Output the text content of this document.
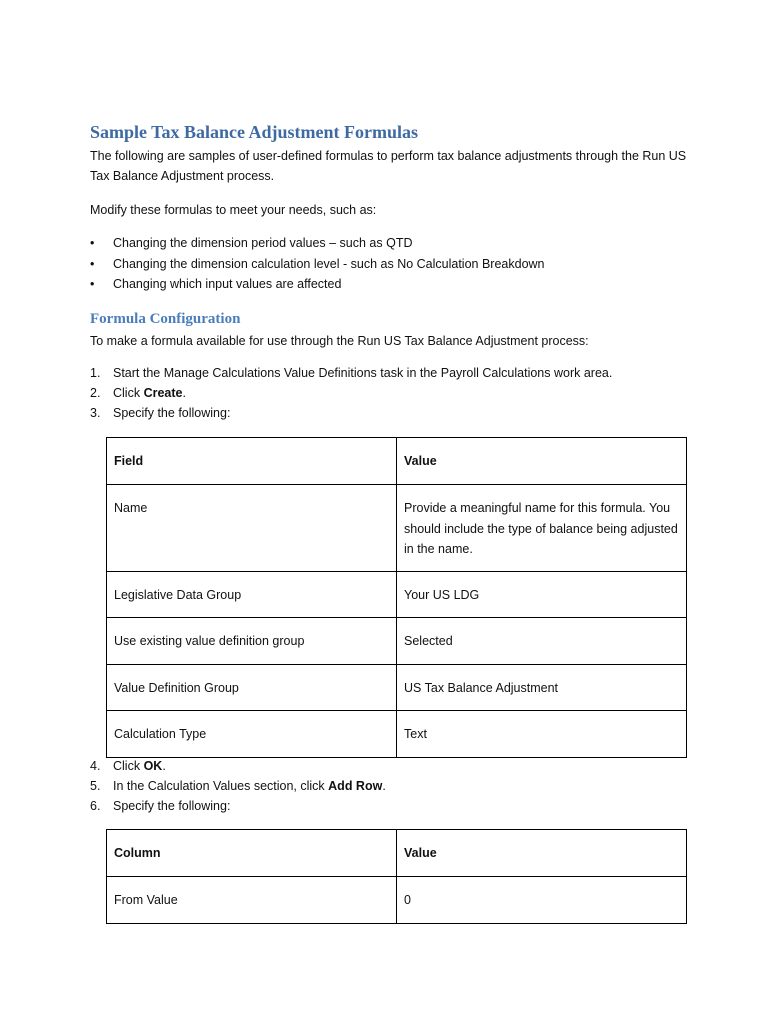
Sample Tax Balance Adjustment Formulas

The following are samples of user-defined formulas to perform tax balance adjustments through the Run US Tax Balance Adjustment process.

Modify these formulas to meet your needs, such as:

•	Changing the dimension period values – such as QTD
•	Changing the dimension calculation level - such as No Calculation Breakdown
•	Changing which input values are affected
Formula Configuration

To make a formula available for use through the Run US Tax Balance Adjustment process:

1. Start the Manage Calculations Value Definitions task in the Payroll Calculations work area.
2. Click Create.
3. Specify the following:
Field	Value
Name	Provide a meaningful name for this formula. You should include the type of balance being adjusted in the name.
Legislative Data Group	Your US LDG
Use existing value definition group	Selected
Value Definition Group	US Tax Balance Adjustment
Calculation Type	Text
4. Click OK.
5. In the Calculation Values section, click Add Row.
6. Specify the following:
Column	Value
From Value	0
